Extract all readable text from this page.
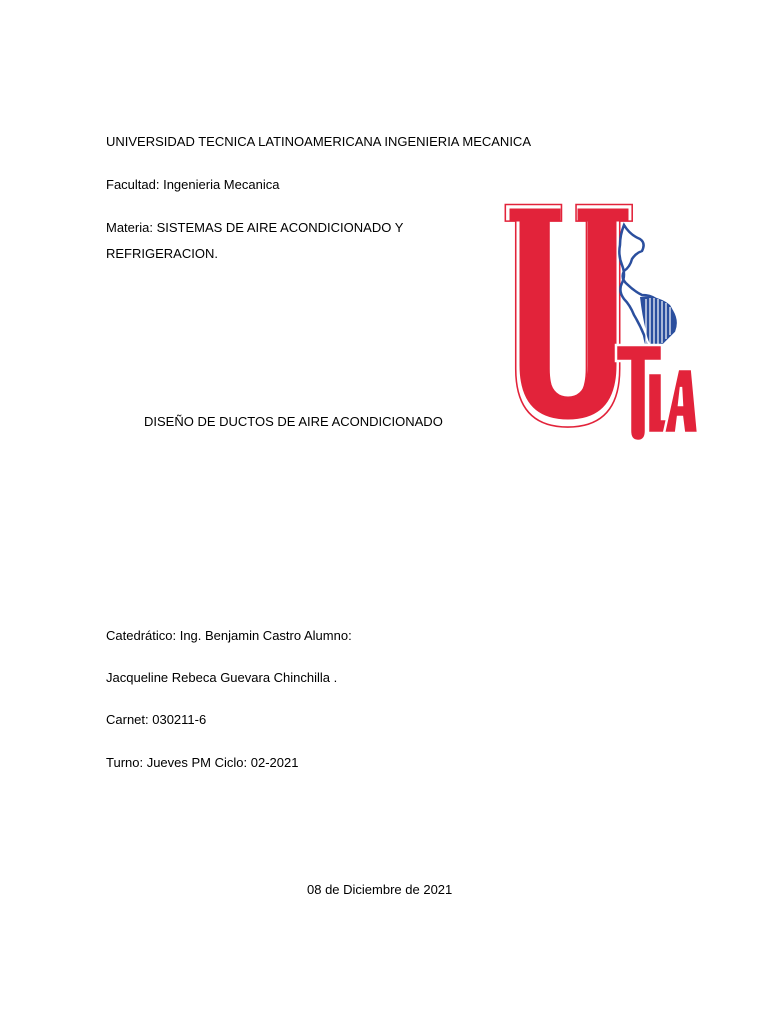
UNIVERSIDAD TECNICA LATINOAMERICANA INGENIERIA MECANICA
Facultad: Ingenieria Mecanica
Materia: SISTEMAS DE AIRE ACONDICIONADO Y REFRIGERACION.
DISEÑO DE DUCTOS DE AIRE ACONDICIONADO
Catedrático: Ing. Benjamin Castro Alumno:
Jacqueline Rebeca Guevara Chinchilla .
Carnet: 030211-6
Turno: Jueves PM Ciclo: 02-2021
08 de Diciembre de 2021
